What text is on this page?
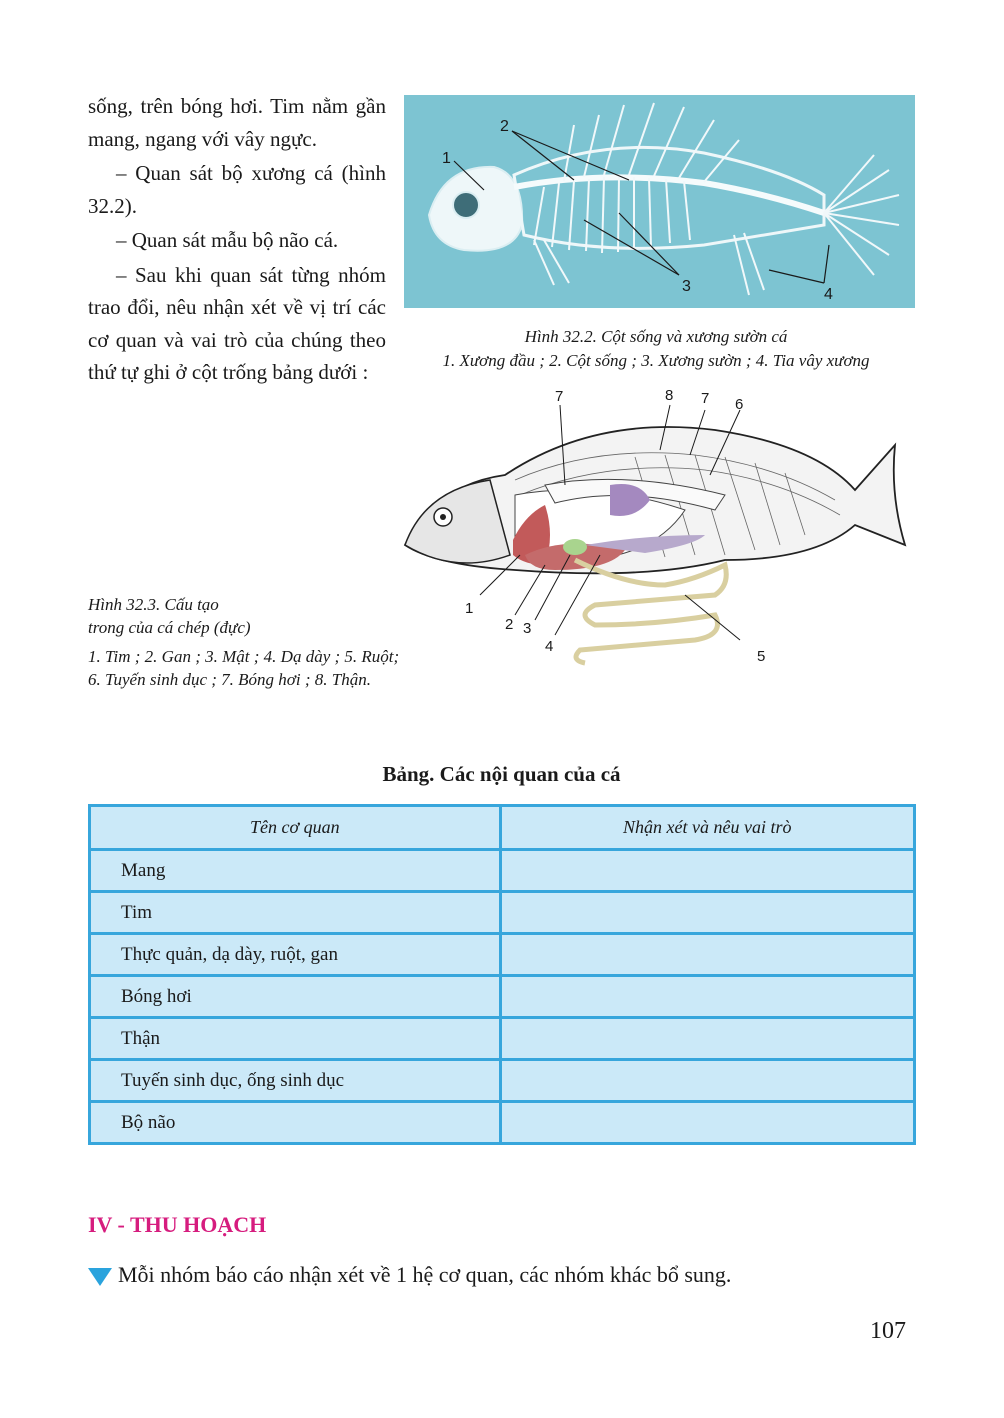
sống, trên bóng hơi. Tim nằm gần mang, ngang với vây ngực.

– Quan sát bộ xương cá (hình 32.2).

– Quan sát mẫu bộ não cá.

– Sau khi quan sát từng nhóm trao đổi, nêu nhận xét về vị trí các cơ quan và vai trò của chúng theo thứ tự ghi ở cột trống bảng dưới :

1
2
3	4
Hình 32.2. Cột sống và xương sườn cá
1. Xương đầu ; 2. Cột sống ; 3. Xương sườn ; 4. Tia vây xương
1
2 3
4
5
6
7	7
8
Hình 32.3. Cấu tạo
trong của cá chép (đực)
1. Tim ; 2. Gan ; 3. Mật ; 4. Dạ dày ; 5. Ruột;
6. Tuyến sinh dục ; 7. Bóng hơi ; 8. Thận.
Bảng. Các nội quan của cá
Tên cơ quan	Nhận xét và nêu vai trò
Mang	
Tim	
Thực quản, dạ dày, ruột, gan	
Bóng hơi	
Thận	
Tuyến sinh dục, ống sinh dục	
Bộ não	
IV - THU HOẠCH
Mỗi nhóm báo cáo nhận xét về 1 hệ cơ quan, các nhóm khác bổ sung.
107
